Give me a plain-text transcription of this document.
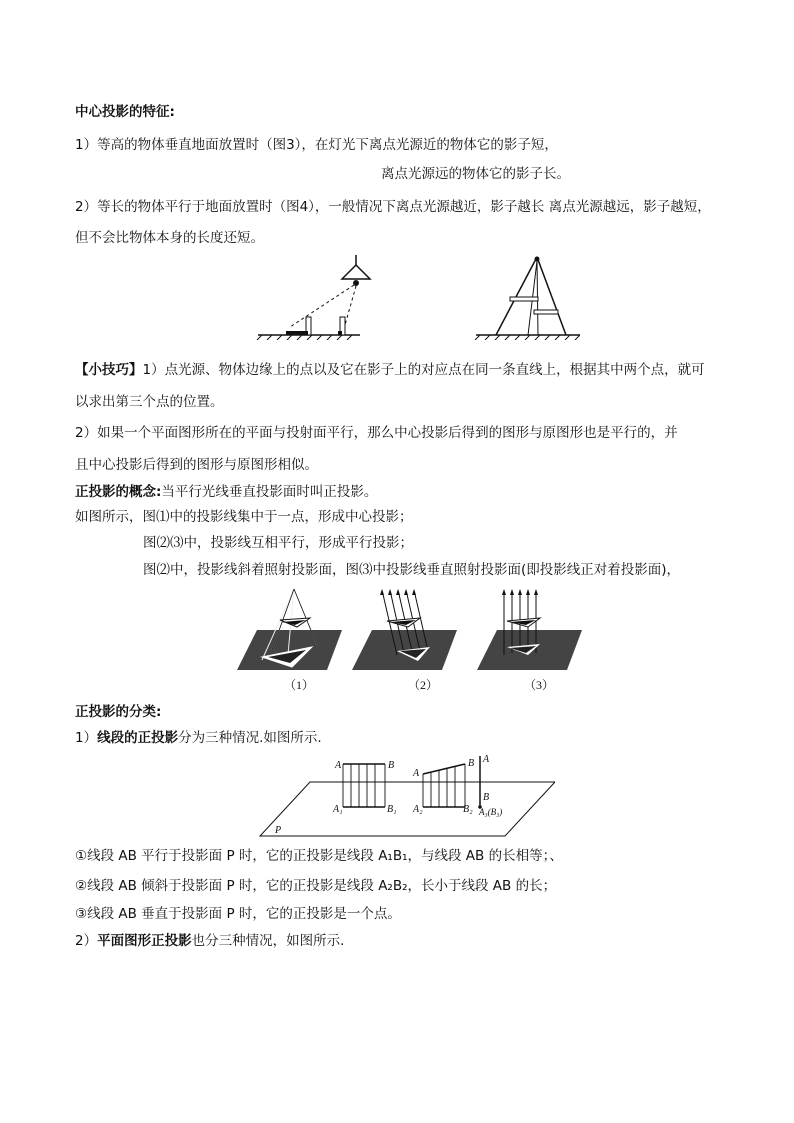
中心投影的特征:
1）等高的物体垂直地面放置时（图3），在灯光下离点光源近的物体它的影子短，
离点光源远的物体它的影子长。
2）等长的物体平行于地面放置时（图4），一般情况下离点光源越近，影子越长 离点光源越远，影子越短，
但不会比物体本身的长度还短。
【小技巧】1）点光源、物体边缘上的点以及它在影子上的对应点在同一条直线上，根据其中两个点，就可
以求出第三个点的位置。
2）如果一个平面图形所在的平面与投射面平行，那么中心投影后得到的图形与原图形也是平行的，并
且中心投影后得到的图形与原图形相似。
正投影的概念:当平行光线垂直投影面时叫正投影。
如图所示，图⑴中的投影线集中于一点，形成中心投影；
图⑵⑶中，投影线互相平行，形成平行投影；
图⑵中，投影线斜着照射投影面，图⑶中投影线垂直照射投影面(即投影线正对着投影面)，
（1）	（2）	（3）
正投影的分类:
1）线段的正投影分为三种情况.如图所示.
A	B
A₁	B₁
A
B
A₂	B₂
A
B
A₃(B₃)
P
①线段 AB 平行于投影面 P 时，它的正投影是线段 A₁B₁，与线段 AB 的长相等；、
②线段 AB 倾斜于投影面 P 时，它的正投影是线段 A₂B₂，长小于线段 AB 的长；
③线段 AB 垂直于投影面 P 时，它的正投影是一个点。
2）平面图形正投影也分三种情况，如图所示.
